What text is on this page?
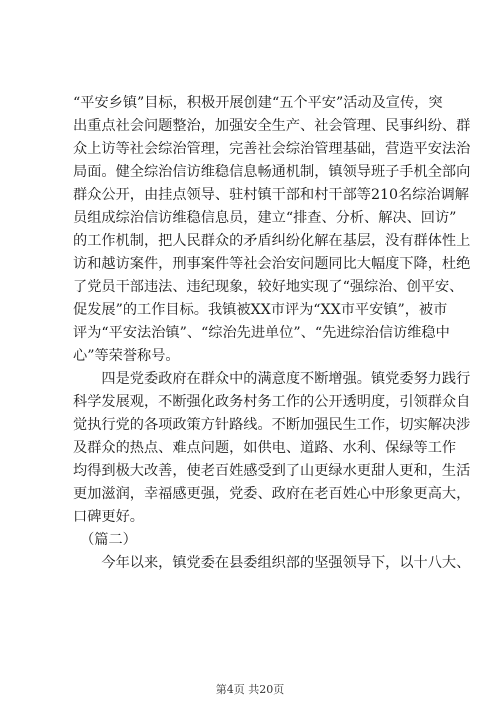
“平安乡镇”目标，积极开展创建“五个平安”活动及宣传，突
出重点社会问题整治，加强安全生产、社会管理、民事纠纷、群
众上访等社会综治管理，完善社会综治管理基础，营造平安法治
局面。健全综治信访维稳信息畅通机制，镇领导班子手机全部向
群众公开，由挂点领导、驻村镇干部和村干部等210名综治调解
员组成综治信访维稳信息员，建立“排查、分析、解决、回访”
的工作机制，把人民群众的矛盾纠纷化解在基层，没有群体性上
访和越访案件，刑事案件等社会治安问题同比大幅度下降，杜绝
了党员干部违法、违纪现象，较好地实现了“强综治、创平安、
促发展”的工作目标。我镇被XX市评为“XX市平安镇”，被市
评为“平安法治镇”、“综治先进单位”、“先进综治信访维稳中
心”等荣誉称号。
　　四是党委政府在群众中的满意度不断增强。镇党委努力践行
科学发展观，不断强化政务村务工作的公开透明度，引领群众自
觉执行党的各项政策方针路线。不断加强民生工作，切实解决涉
及群众的热点、难点问题，如供电、道路、水利、保绿等工作
均得到极大改善，使老百姓感受到了山更绿水更甜人更和，生活
更加滋润，幸福感更强，党委、政府在老百姓心中形象更高大，
口碑更好。
　（篇二）
　　今年以来，镇党委在县委组织部的坚强领导下，以十八大、
第4页 共20页
